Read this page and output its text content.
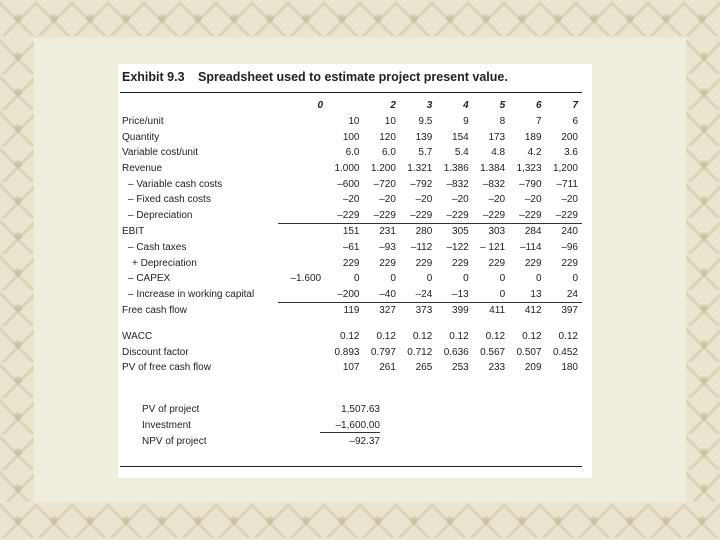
Exhibit 9.3 Spreadsheet used to estimate project present value.
	0		2	3	4	5	6	7
Price/unit		10	10	9.5	9	8	7	6
Quantity		100	120	139	154	173	189	200
Variable cost/unit		6.0	6.0	5.7	5.4	4.8	4.2	3.6
Revenue		1.000	1.200	1.321	1.386	1.384	1,323	1,200
– Variable cash costs		–600	–720	–792	–832	–832	–790	–711
– Fixed cash costs		–20	–20	–20	–20	–20	–20	–20
– Depreciation		–229	–229	–229	–229	–229	–229	–229
EBIT		151	231	280	305	303	284	240
– Cash taxes		–61	–93	–112	–122	– 121	–114	–96
+ Depreciation		229	229	229	229	229	229	229
– CAPEX	–1.600	0	0	0	0	0	0	0
– Increase in working capital		–200	–40	–24	–13	0	13	24
Free cash flow		119	327	373	399	411	412	397

WACC		0.12	0.12	0.12	0.12	0.12	0.12	0.12
Discount factor		0.893	0.797	0.712	0.636	0.567	0.507	0.452
PV of free cash flow		107	261	265	253	233	209	180
PV of project	1,507.63
Investment	–1,600.00
NPV of project	–92.37
